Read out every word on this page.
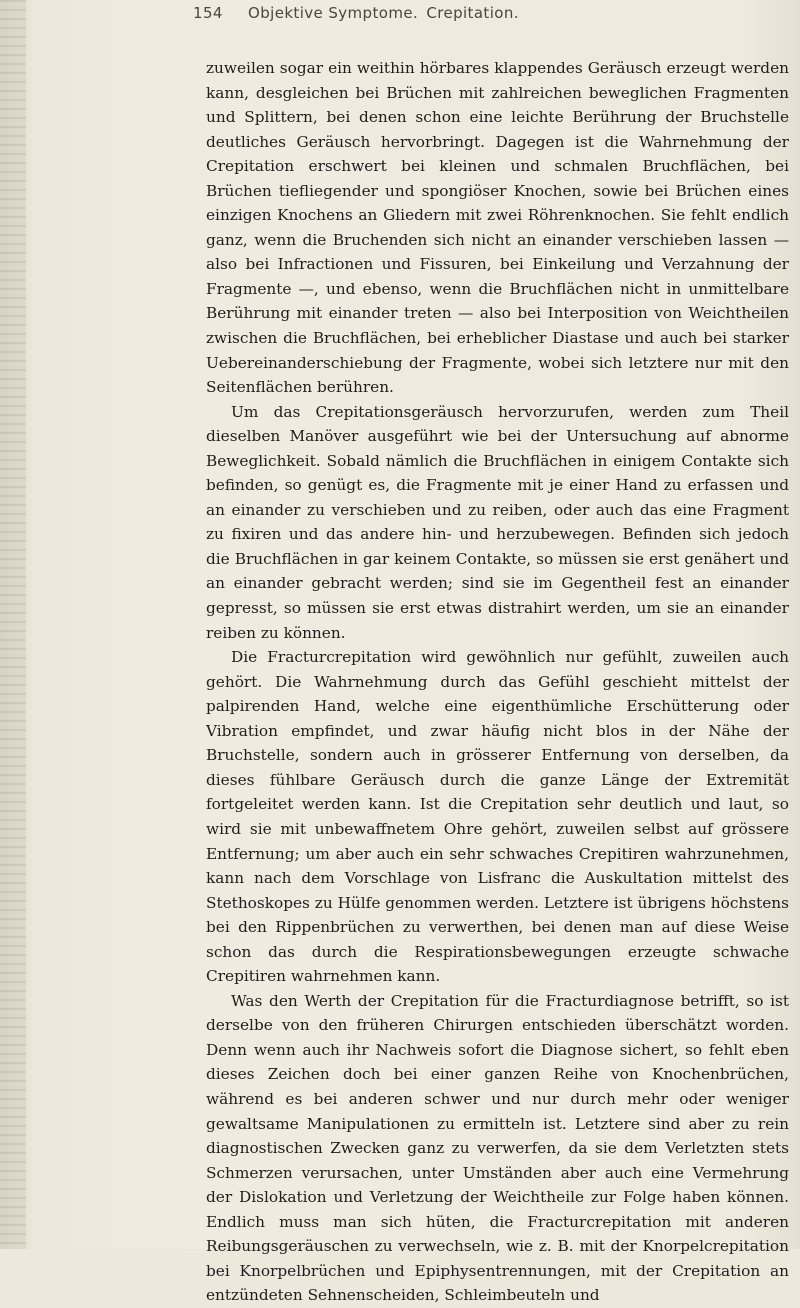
154 Objektive Symptome. Crepitation.

zuweilen sogar ein weithin hörbares klappendes Geräusch erzeugt werden kann, desgleichen bei Brüchen mit zahlreichen beweglichen Fragmenten und Splittern, bei denen schon eine leichte Berührung der Bruchstelle deutliches Geräusch hervorbringt. Dagegen ist die Wahrnehmung der Crepitation erschwert bei kleinen und schmalen Bruchflächen, bei Brüchen tiefliegender und spongiöser Knochen, sowie bei Brüchen eines einzigen Knochens an Gliedern mit zwei Röhrenknochen. Sie fehlt endlich ganz, wenn die Bruchenden sich nicht an einander verschieben lassen — also bei Infractionen und Fissuren, bei Einkeilung und Verzahnung der Fragmente —, und ebenso, wenn die Bruchflächen nicht in unmittelbare Berührung mit einander treten — also bei Interposition von Weichtheilen zwischen die Bruchflächen, bei erheblicher Diastase und auch bei starker Uebereinanderschiebung der Fragmente, wobei sich letztere nur mit den Seitenflächen berühren.

Um das Crepitationsgeräusch hervorzurufen, werden zum Theil dieselben Manöver ausgeführt wie bei der Untersuchung auf abnorme Beweglichkeit. Sobald nämlich die Bruchflächen in einigem Contakte sich befinden, so genügt es, die Fragmente mit je einer Hand zu erfassen und an einander zu verschieben und zu reiben, oder auch das eine Fragment zu fixiren und das andere hin- und herzubewegen. Befinden sich jedoch die Bruchflächen in gar keinem Contakte, so müssen sie erst genähert und an einander gebracht werden; sind sie im Gegentheil fest an einander gepresst, so müssen sie erst etwas distrahirt werden, um sie an einander reiben zu können.

Die Fracturcrepitation wird gewöhnlich nur gefühlt, zuweilen auch gehört. Die Wahrnehmung durch das Gefühl geschieht mittelst der palpirenden Hand, welche eine eigenthümliche Erschütterung oder Vibration empfindet, und zwar häufig nicht blos in der Nähe der Bruchstelle, sondern auch in grösserer Entfernung von derselben, da dieses fühlbare Geräusch durch die ganze Länge der Extremität fortgeleitet werden kann. Ist die Crepitation sehr deutlich und laut, so wird sie mit unbewaffnetem Ohre gehört, zuweilen selbst auf grössere Entfernung; um aber auch ein sehr schwaches Crepitiren wahrzunehmen, kann nach dem Vorschlage von Lisfranc die Auskultation mittelst des Stethoskopes zu Hülfe genommen werden. Letztere ist übrigens höchstens bei den Rippenbrüchen zu verwerthen, bei denen man auf diese Weise schon das durch die Respirationsbewegungen erzeugte schwache Crepitiren wahrnehmen kann.

Was den Werth der Crepitation für die Fracturdiagnose betrifft, so ist derselbe von den früheren Chirurgen entschieden überschätzt worden. Denn wenn auch ihr Nachweis sofort die Diagnose sichert, so fehlt eben dieses Zeichen doch bei einer ganzen Reihe von Knochenbrüchen, während es bei anderen schwer und nur durch mehr oder weniger gewaltsame Manipulationen zu ermitteln ist. Letztere sind aber zu rein diagnostischen Zwecken ganz zu verwerfen, da sie dem Verletzten stets Schmerzen verursachen, unter Umständen aber auch eine Vermehrung der Dislokation und Verletzung der Weichtheile zur Folge haben können. Endlich muss man sich hüten, die Fracturcrepitation mit anderen Reibungsgeräuschen zu verwechseln, wie z. B. mit der Knorpelcrepitation bei Knorpelbrüchen und Epiphysentrennungen, mit der Crepitation an entzündeten Sehnenscheiden, Schleimbeuteln und
